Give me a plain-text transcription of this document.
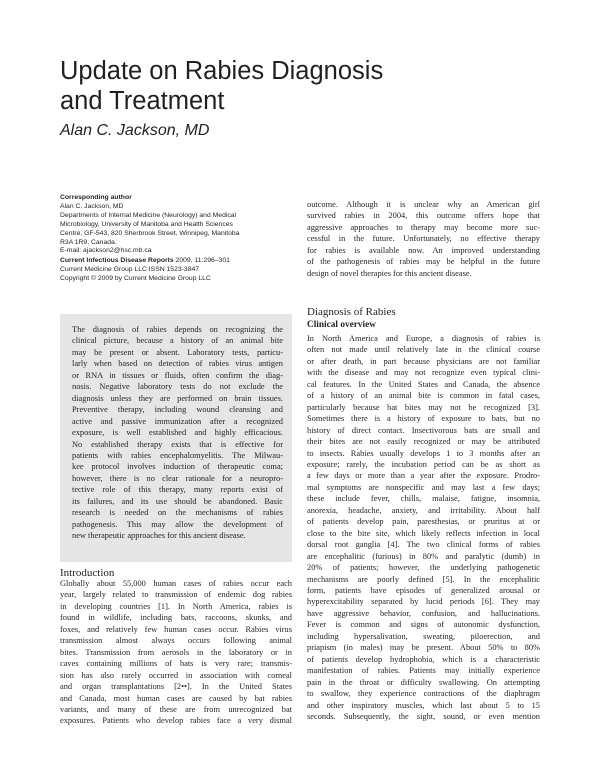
Update on Rabies Diagnosis
and Treatment
Alan C. Jackson, MD
Corresponding author
Alan C. Jackson, MD
Departments of Internal Medicine (Neurology) and Medical
Microbiology, University of Manitoba and Health Sciences
Centre, GF-543, 820 Sherbrook Street, Winnipeg, Manitoba
R3A 1R9, Canada.
E-mail: ajackson2@hsc.mb.ca
Current Infectious Disease Reports 2009, 11:296–301
Current Medicine Group LLC ISSN 1523-3847
Copyright © 2009 by Current Medicine Group LLC
The diagnosis of rabies depends on recognizing the
clinical picture, because a history of an animal bite
may be present or absent. Laboratory tests, particu-
larly when based on detection of rabies virus antigen
or RNA in tissues or fluids, often confirm the diag-
nosis. Negative laboratory tests do not exclude the
diagnosis unless they are performed on brain tissues.
Preventive therapy, including wound cleansing and
active and passive immunization after a recognized
exposure, is well established and highly efficacious.
No established therapy exists that is effective for
patients with rabies encephalomyelitis. The Milwau-
kee protocol involves induction of therapeutic coma;
however, there is no clear rationale for a neuropro-
tective role of this therapy, many reports exist of
its failures, and its use should be abandoned. Basic
research is needed on the mechanisms of rabies
pathogenesis. This may allow the development of
new therapeutic approaches for this ancient disease.
Introduction
Globally about 55,000 human cases of rabies occur each
year, largely related to transmission of endemic dog rabies
in developing countries [1]. In North America, rabies is
found in wildlife, including bats, raccoons, skunks, and
foxes, and relatively few human cases occur. Rabies virus
transmission almost always occurs following animal
bites. Transmission from aerosols in the laboratory or in
caves containing millions of bats is very rare; transmis-
sion has also rarely occurred in association with corneal
and organ transplantations [2••]. In the United States
and Canada, most human cases are caused by bat rabies
variants, and many of these are from unrecognized bat
exposures. Patients who develop rabies face a very dismal
outcome. Although it is unclear why an American girl
survived rabies in 2004, this outcome offers hope that
aggressive approaches to therapy may become more suc-
cessful in the future. Unfortunately, no effective therapy
for rabies is available now. An improved understanding
of the pathogenesis of rabies may be helpful in the future
design of novel therapies for this ancient disease.
Diagnosis of Rabies
Clinical overview
In North America and Europe, a diagnosis of rabies is
often not made until relatively late in the clinical course
or after death, in part because physicians are not familiar
with the disease and may not recognize even typical clini-
cal features. In the United States and Canada, the absence
of a history of an animal bite is common in fatal cases,
particularly because bat bites may not be recognized [3].
Sometimes there is a history of exposure to bats, but no
history of direct contact. Insectivorous bats are small and
their bites are not easily recognized or may be attributed
to insects. Rabies usually develops 1 to 3 months after an
exposure; rarely, the incubation period can be as short as
a few days or more than a year after the exposure. Prodro-
mal symptoms are nonspecific and may last a few days;
these include fever, chills, malaise, fatigue, insomnia,
anorexia, headache, anxiety, and irritability. About half
of patients develop pain, paresthesias, or pruritus at or
close to the bite site, which likely reflects infection in local
dorsal root ganglia [4]. The two clinical forms of rabies
are encephalitic (furious) in 80% and paralytic (dumb) in
20% of patients; however, the underlying pathogenetic
mechanisms are poorly defined [5]. In the encephalitic
form, patients have episodes of generalized arousal or
hyperexcitability separated by lucid periods [6]. They may
have aggressive behavior, confusion, and hallucinations.
Fever is common and signs of autonomic dysfunction,
including hypersalivation, sweating, piloerection, and
priapism (in males) may be present. About 50% to 80%
of patients develop hydrophobia, which is a characteristic
manifestation of rabies. Patients may initially experience
pain in the throat or difficulty swallowing. On attempting
to swallow, they experience contractions of the diaphragm
and other inspiratory muscles, which last about 5 to 15
seconds. Subsequently, the sight, sound, or even mention
